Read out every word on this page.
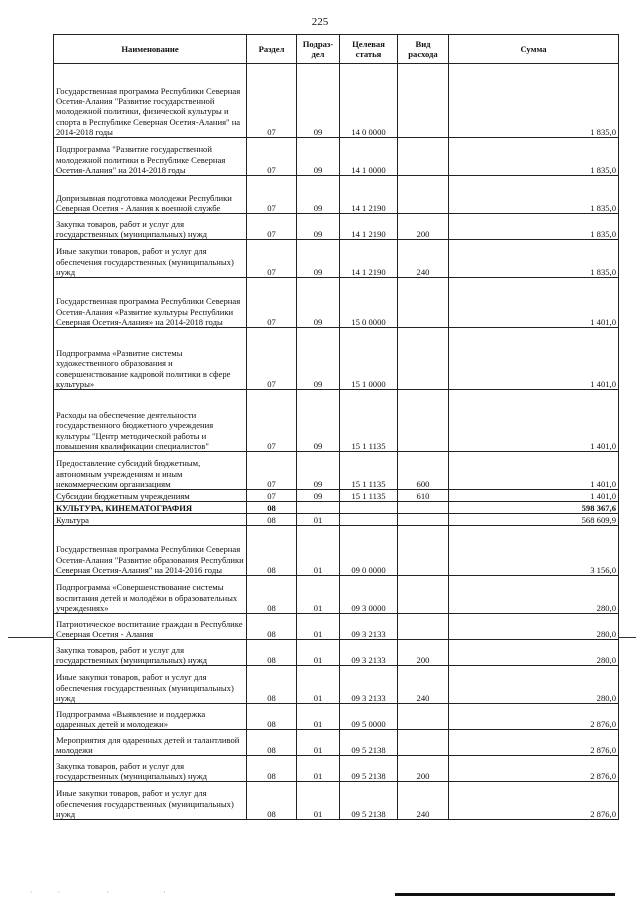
225
Наименование	Раздел	Подраз-дел	Целевая статья	Вид расхода	Сумма
Государственная программа Республики Северная Осетия-Алания "Развитие государственной молодежной политики, физической культуры и спорта в Республике Северная Осетия-Алания" на 2014-2018 годы	07	09	14 0 0000		1 835,0
Подпрограмма "Развитие государственной молодежной политики в Республике Северная Осетия-Алания" на 2014-2018 годы	07	09	14 1 0000		1 835,0
Допризывная подготовка молодежи Республики Северная Осетия - Алания к военной службе	07	09	14 1 2190		1 835,0
Закупка товаров, работ и услуг для государственных (муниципальных) нужд	07	09	14 1 2190	200	1 835,0
Иные закупки товаров, работ и услуг для обеспечения государственных (муниципальных) нужд	07	09	14 1 2190	240	1 835,0
Государственная программа Республики Северная Осетия-Алания «Развитие культуры Республики Северная Осетия-Алания» на 2014-2018 годы	07	09	15 0 0000		1 401,0
Подпрограмма «Развитие системы художественного образования и совершенствование кадровой политики в сфере культуры»	07	09	15 1 0000		1 401,0
Расходы на обеспечение деятельности государственного бюджетного учреждения культуры "Центр методической работы и повышения квалификации специалистов"	07	09	15 1 1135		1 401,0
Предоставление субсидий бюджетным, автономным учреждениям и иным некоммерческим организациям	07	09	15 1 1135	600	1 401,0
Субсидии бюджетным учреждениям	07	09	15 1 1135	610	1 401,0
КУЛЬТУРА, КИНЕМАТОГРАФИЯ	08				598 367,6
Культура	08	01			568 609,9
Государственная программа Республики Северная Осетия-Алания "Развитие образования Республики Северная Осетия-Алания" на 2014-2016 годы	08	01	09 0 0000		3 156,0
Подпрограмма «Совершенствование системы воспитания детей и молодёжи в образовательных учреждениях»	08	01	09 3 0000		280,0
Патриотическое воспитание граждан в Республике Северная Осетия - Алания	08	01	09 3 2133		280,0
Закупка товаров, работ и услуг для государственных (муниципальных) нужд	08	01	09 3 2133	200	280,0
Иные закупки товаров, работ и услуг для обеспечения государственных (муниципальных) нужд	08	01	09 3 2133	240	280,0
Подпрограмма «Выявление и поддержка одаренных детей и молодежи»	08	01	09 5 0000		2 876,0
Мероприятия для одаренных детей и талантливой молодежи	08	01	09 5 2138		2 876,0
Закупка товаров, работ и услуг для государственных (муниципальных) нужд	08	01	09 5 2138	200	2 876,0
Иные закупки товаров, работ и услуг для обеспечения государственных (муниципальных) нужд	08	01	09 5 2138	240	2 876,0
·             ·                        ·                            ·
